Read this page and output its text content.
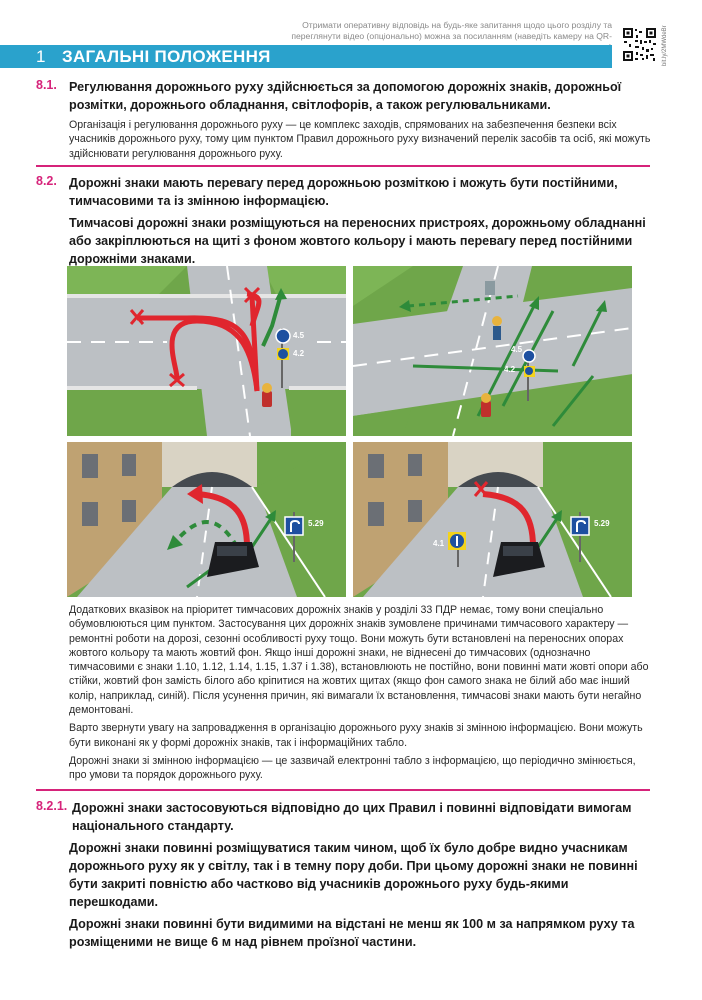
Отримати оперативну відповідь на будь-яке запитання щодо цього розділу та переглянути відео (опціонально) можна за посиланням (наведіть камеру на QR-	bit.ly/2MWdeBr
1 ЗАГАЛЬНІ ПОЛОЖЕННЯ
8.1. Регулювання дорожнього руху здійснюється за допомогою дорожніх знаків, дорожньої розмітки, дорожнього обладнання, світлофорів, а також регулювальниками.
Організація і регулювання дорожнього руху — це комплекс заходів, спрямованих на забезпечення безпеки всіх учасників дорожнього руху, тому цим пунктом Правил дорожнього руху визначений перелік засобів та осіб, які можуть здійснювати регулювання дорожнього руху.
8.2. Дорожні знаки мають перевагу перед дорожньою розміткою і можуть бути постійними, тимчасовими та із змінною інформацією.
Тимчасові дорожні знаки розміщуються на переносних пристроях, дорожньому обладнанні або закріплюються на щиті з фоном жовтого кольору і мають перевагу перед постійними дорожніми знаками.
4.5
4.2	4.5
4.2
5.29
4.1
5.29
Додаткових вказівок на пріоритет тимчасових дорожніх знаків у розділі 33 ПДР немає, тому вони спеціально обумовлюються цим пунктом. Застосування цих дорожніх знаків зумовлене причинами тимчасового характеру — ремонтні роботи на дорозі, сезонні особливості руху тощо. Вони можуть бути встановлені на переносних опорах жовтого кольору та мають жовтий фон. Якщо інші дорожні знаки, не віднесені до тимчасових (однозначно тимчасовими є знаки 1.10, 1.12, 1.14, 1.15, 1.37 і 1.38), встановлюють не постійно, вони повинні мати жовті опори або стійки, жовтий фон замість білого або кріпитися на жовтих щитах (якщо фон самого знака не білий або має інший колір, наприклад, синій). Після усунення причин, які вимагали їх встановлення, тимчасові знаки мають бути негайно демонтовані.
Варто звернути увагу на запровадження в організацію дорожнього руху знаків зі змінною інформацією. Вони можуть бути виконані як у формі дорожніх знаків, так і інформаційних табло.
Дорожні знаки зі змінною інформацією — це зазвичай електронні табло з інформацією, що періодично змінюється, про умови та порядок дорожнього руху.
8.2.1. Дорожні знаки застосовуються відповідно до цих Правил і повинні відповідати вимогам національного стандарту.
Дорожні знаки повинні розміщуватися таким чином, щоб їх було добре видно учасникам дорожнього руху як у світлу, так і в темну пору доби. При цьому дорожні знаки не повинні бути закриті повністю або частково від учасників дорожнього руху будь-якими перешкодами.
Дорожні знаки повинні бути видимими на відстані не менш як 100 м за напрямком руху та розміщеними не вище 6 м над рівнем проїзної частини.
